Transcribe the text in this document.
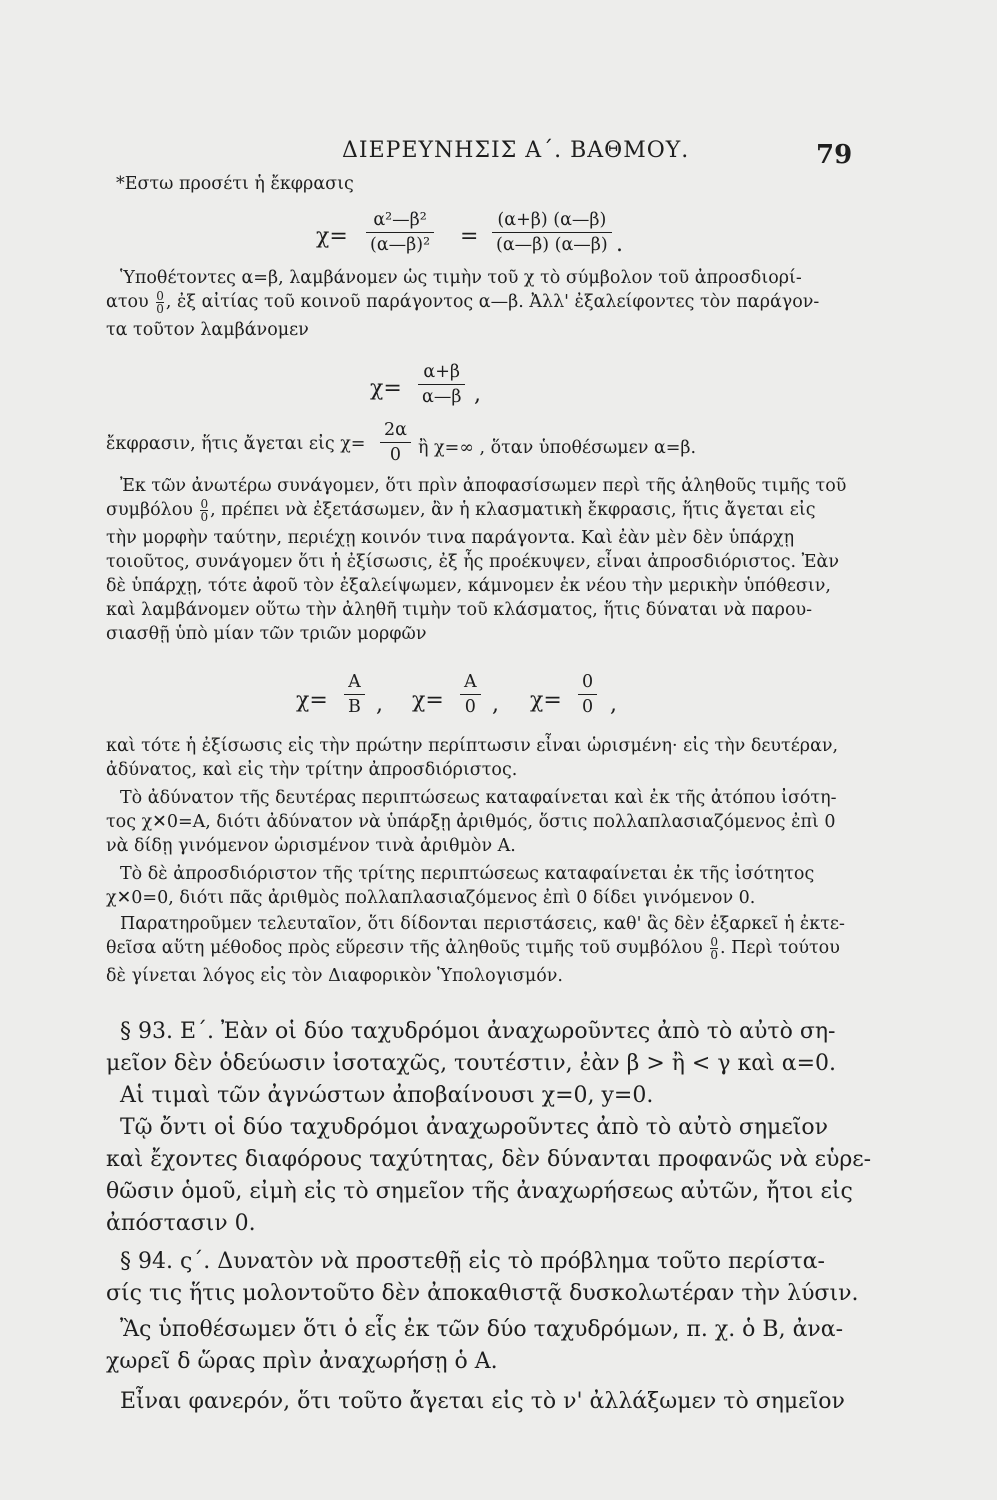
ΔΙΕΡΕΥΝΗΣΙΣ Α΄. ΒΑΘΜΟΥ.	79
*Εστω προσέτι ἡ ἔκφρασις
χ=
α²—β²
(α—β)² =
(α+β) (α—β)
(α—β) (α—β) .
Ὑποθέτοντες α=β, λαμβάνομεν ὡς τιμὴν τοῦ χ τὸ σύμβολον τοῦ ἀπροσδιορί-
ατου $\frac{0}{0}$ , ἐξ αἰτίας τοῦ κοινοῦ παράγοντος α—β. Ἀλλ' ἐξαλείφοντες τὸν παράγον-
τα τοῦτον λαμβάνομεν
χ=
α+β
α—β ,
ἔκφρασιν, ἥτις ἄγεται εἰς χ=
2α
0 ἢ χ=∞ , ὅταν ὑποθέσωμεν α=β.
Ἐκ τῶν ἀνωτέρω συνάγομεν, ὅτι πρὶν ἀποφασίσωμεν περὶ τῆς ἀληθοῦς τιμῆς τοῦ
συμβόλου $\frac{0}{0}$ , πρέπει νὰ ἐξετάσωμεν, ἂν ἡ κλασματικὴ ἔκφρασις, ἥτις ἄγεται εἰς
τὴν μορφὴν ταύτην, περιέχῃ κοινόν τινα παράγοντα. Καὶ ἐὰν μὲν δὲν ὑπάρχῃ
τοιοῦτος, συνάγομεν ὅτι ἡ ἐξίσωσις, ἐξ ἧς προέκυψεν, εἶναι ἀπροσδιόριστος. Ἐὰν
δὲ ὑπάρχῃ, τότε ἀφοῦ τὸν ἐξαλείψωμεν, κάμνομεν ἐκ νέου τὴν μερικὴν ὑπόθεσιν,
καὶ λαμβάνομεν οὕτω τὴν ἀληθῆ τιμὴν τοῦ κλάσματος, ἥτις δύναται νὰ παρου-
σιασθῇ ὑπὸ μίαν τῶν τριῶν μορφῶν
χ=
Α
Β , χ=
Α
0 , χ=
0
0 ,
καὶ τότε ἡ ἐξίσωσις εἰς τὴν πρώτην περίπτωσιν εἶναι ὡρισμένη· εἰς τὴν δευτέραν,
ἀδύνατος, καὶ εἰς τὴν τρίτην ἀπροσδιόριστος.
Τὸ ἀδύνατον τῆς δευτέρας περιπτώσεως καταφαίνεται καὶ ἐκ τῆς ἀτόπου ἰσότη-
τος χ✕0=Α, διότι ἀδύνατον νὰ ὑπάρξῃ ἀριθμός, ὅστις πολλαπλασιαζόμενος ἐπὶ 0
νὰ δίδῃ γινόμενον ὡρισμένον τινὰ ἀριθμὸν Α.
Τὸ δὲ ἀπροσδιόριστον τῆς τρίτης περιπτώσεως καταφαίνεται ἐκ τῆς ἰσότητος
χ✕0=0, διότι πᾶς ἀριθμὸς πολλαπλασιαζόμενος ἐπὶ 0 δίδει γινόμενον 0.
Παρατηροῦμεν τελευταῖον, ὅτι δίδονται περιστάσεις, καθ' ἃς δὲν ἐξαρκεῖ ἡ ἐκτε-
θεῖσα αὕτη μέθοδος πρὸς εὕρεσιν τῆς ἀληθοῦς τιμῆς τοῦ συμβόλου $\frac{0}{0}$ . Περὶ τούτου
δὲ γίνεται λόγος εἰς τὸν Διαφορικὸν Ὑπολογισμόν.
§ 93. Ε΄. Ἐὰν οἱ δύο ταχυδρόμοι ἀναχωροῦντες ἀπὸ τὸ αὐτὸ ση-
μεῖον δὲν ὁδεύωσιν ἰσοταχῶς, τουτέστιν, ἐὰν β > ἢ < γ καὶ α=0.
Αἱ τιμαὶ τῶν ἀγνώστων ἀποβαίνουσι χ=0, y=0.
Τῷ ὄντι οἱ δύο ταχυδρόμοι ἀναχωροῦντες ἀπὸ τὸ αὐτὸ σημεῖον
καὶ ἔχοντες διαφόρους ταχύτητας, δὲν δύνανται προφανῶς νὰ εὑρε-
θῶσιν ὁμοῦ, εἰμὴ εἰς τὸ σημεῖον τῆς ἀναχωρήσεως αὐτῶν, ἤτοι εἰς
ἀπόστασιν 0.
§ 94. ς΄. Δυνατὸν νὰ προστεθῇ εἰς τὸ πρόβλημα τοῦτο περίστα-
σίς τις ἥτις μολοντοῦτο δὲν ἀποκαθιστᾷ δυσκολωτέραν τὴν λύσιν.
Ἂς ὑποθέσωμεν ὅτι ὁ εἷς ἐκ τῶν δύο ταχυδρόμων, π. χ. ὁ Β, ἀνα-
χωρεῖ δ ὥρας πρὶν ἀναχωρήσῃ ὁ Α.
Εἶναι φανερόν, ὅτι τοῦτο ἄγεται εἰς τὸ ν' ἀλλάξωμεν τὸ σημεῖον
